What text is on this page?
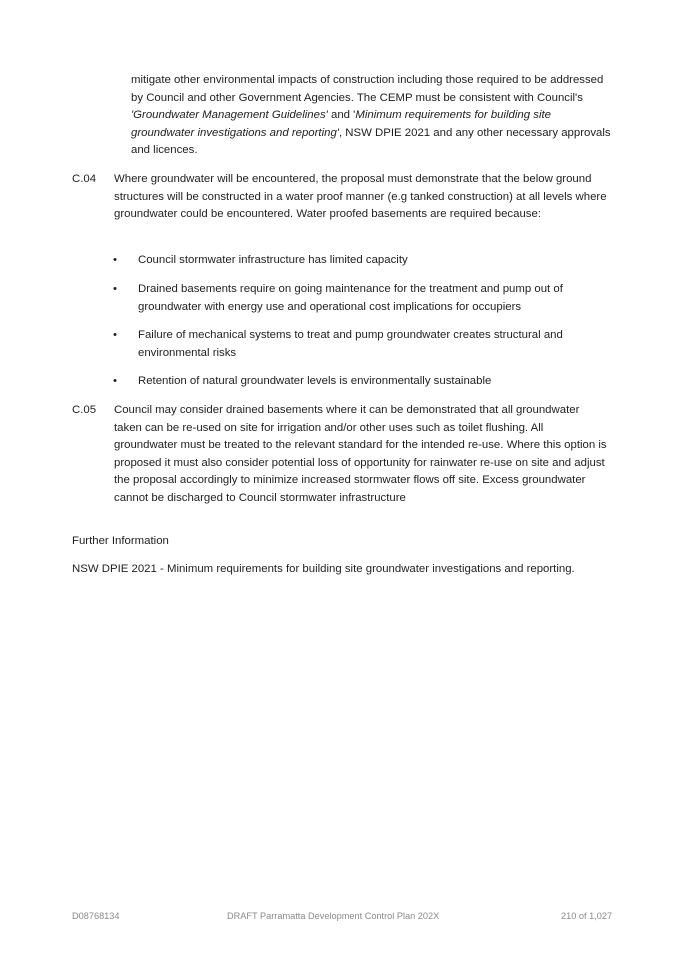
mitigate other environmental impacts of construction including those required to be addressed by Council and other Government Agencies. The CEMP must be consistent with Council's 'Groundwater Management Guidelines' and 'Minimum requirements for building site groundwater investigations and reporting', NSW DPIE 2021 and any other necessary approvals and licences.
C.04 Where groundwater will be encountered, the proposal must demonstrate that the below ground structures will be constructed in a water proof manner (e.g tanked construction) at all levels where groundwater could be encountered. Water proofed basements are required because:
• Council stormwater infrastructure has limited capacity
• Drained basements require on going maintenance for the treatment and pump out of groundwater with energy use and operational cost implications for occupiers
• Failure of mechanical systems to treat and pump groundwater creates structural and environmental risks
• Retention of natural groundwater levels is environmentally sustainable
C.05 Council may consider drained basements where it can be demonstrated that all groundwater taken can be re-used on site for irrigation and/or other uses such as toilet flushing. All groundwater must be treated to the relevant standard for the intended re-use. Where this option is proposed it must also consider potential loss of opportunity for rainwater re-use on site and adjust the proposal accordingly to minimize increased stormwater flows off site. Excess groundwater cannot be discharged to Council stormwater infrastructure
Further Information
NSW DPIE 2021 - Minimum requirements for building site groundwater investigations and reporting.
D08768134	DRAFT Parramatta Development Control Plan 202X	210 of 1,027
